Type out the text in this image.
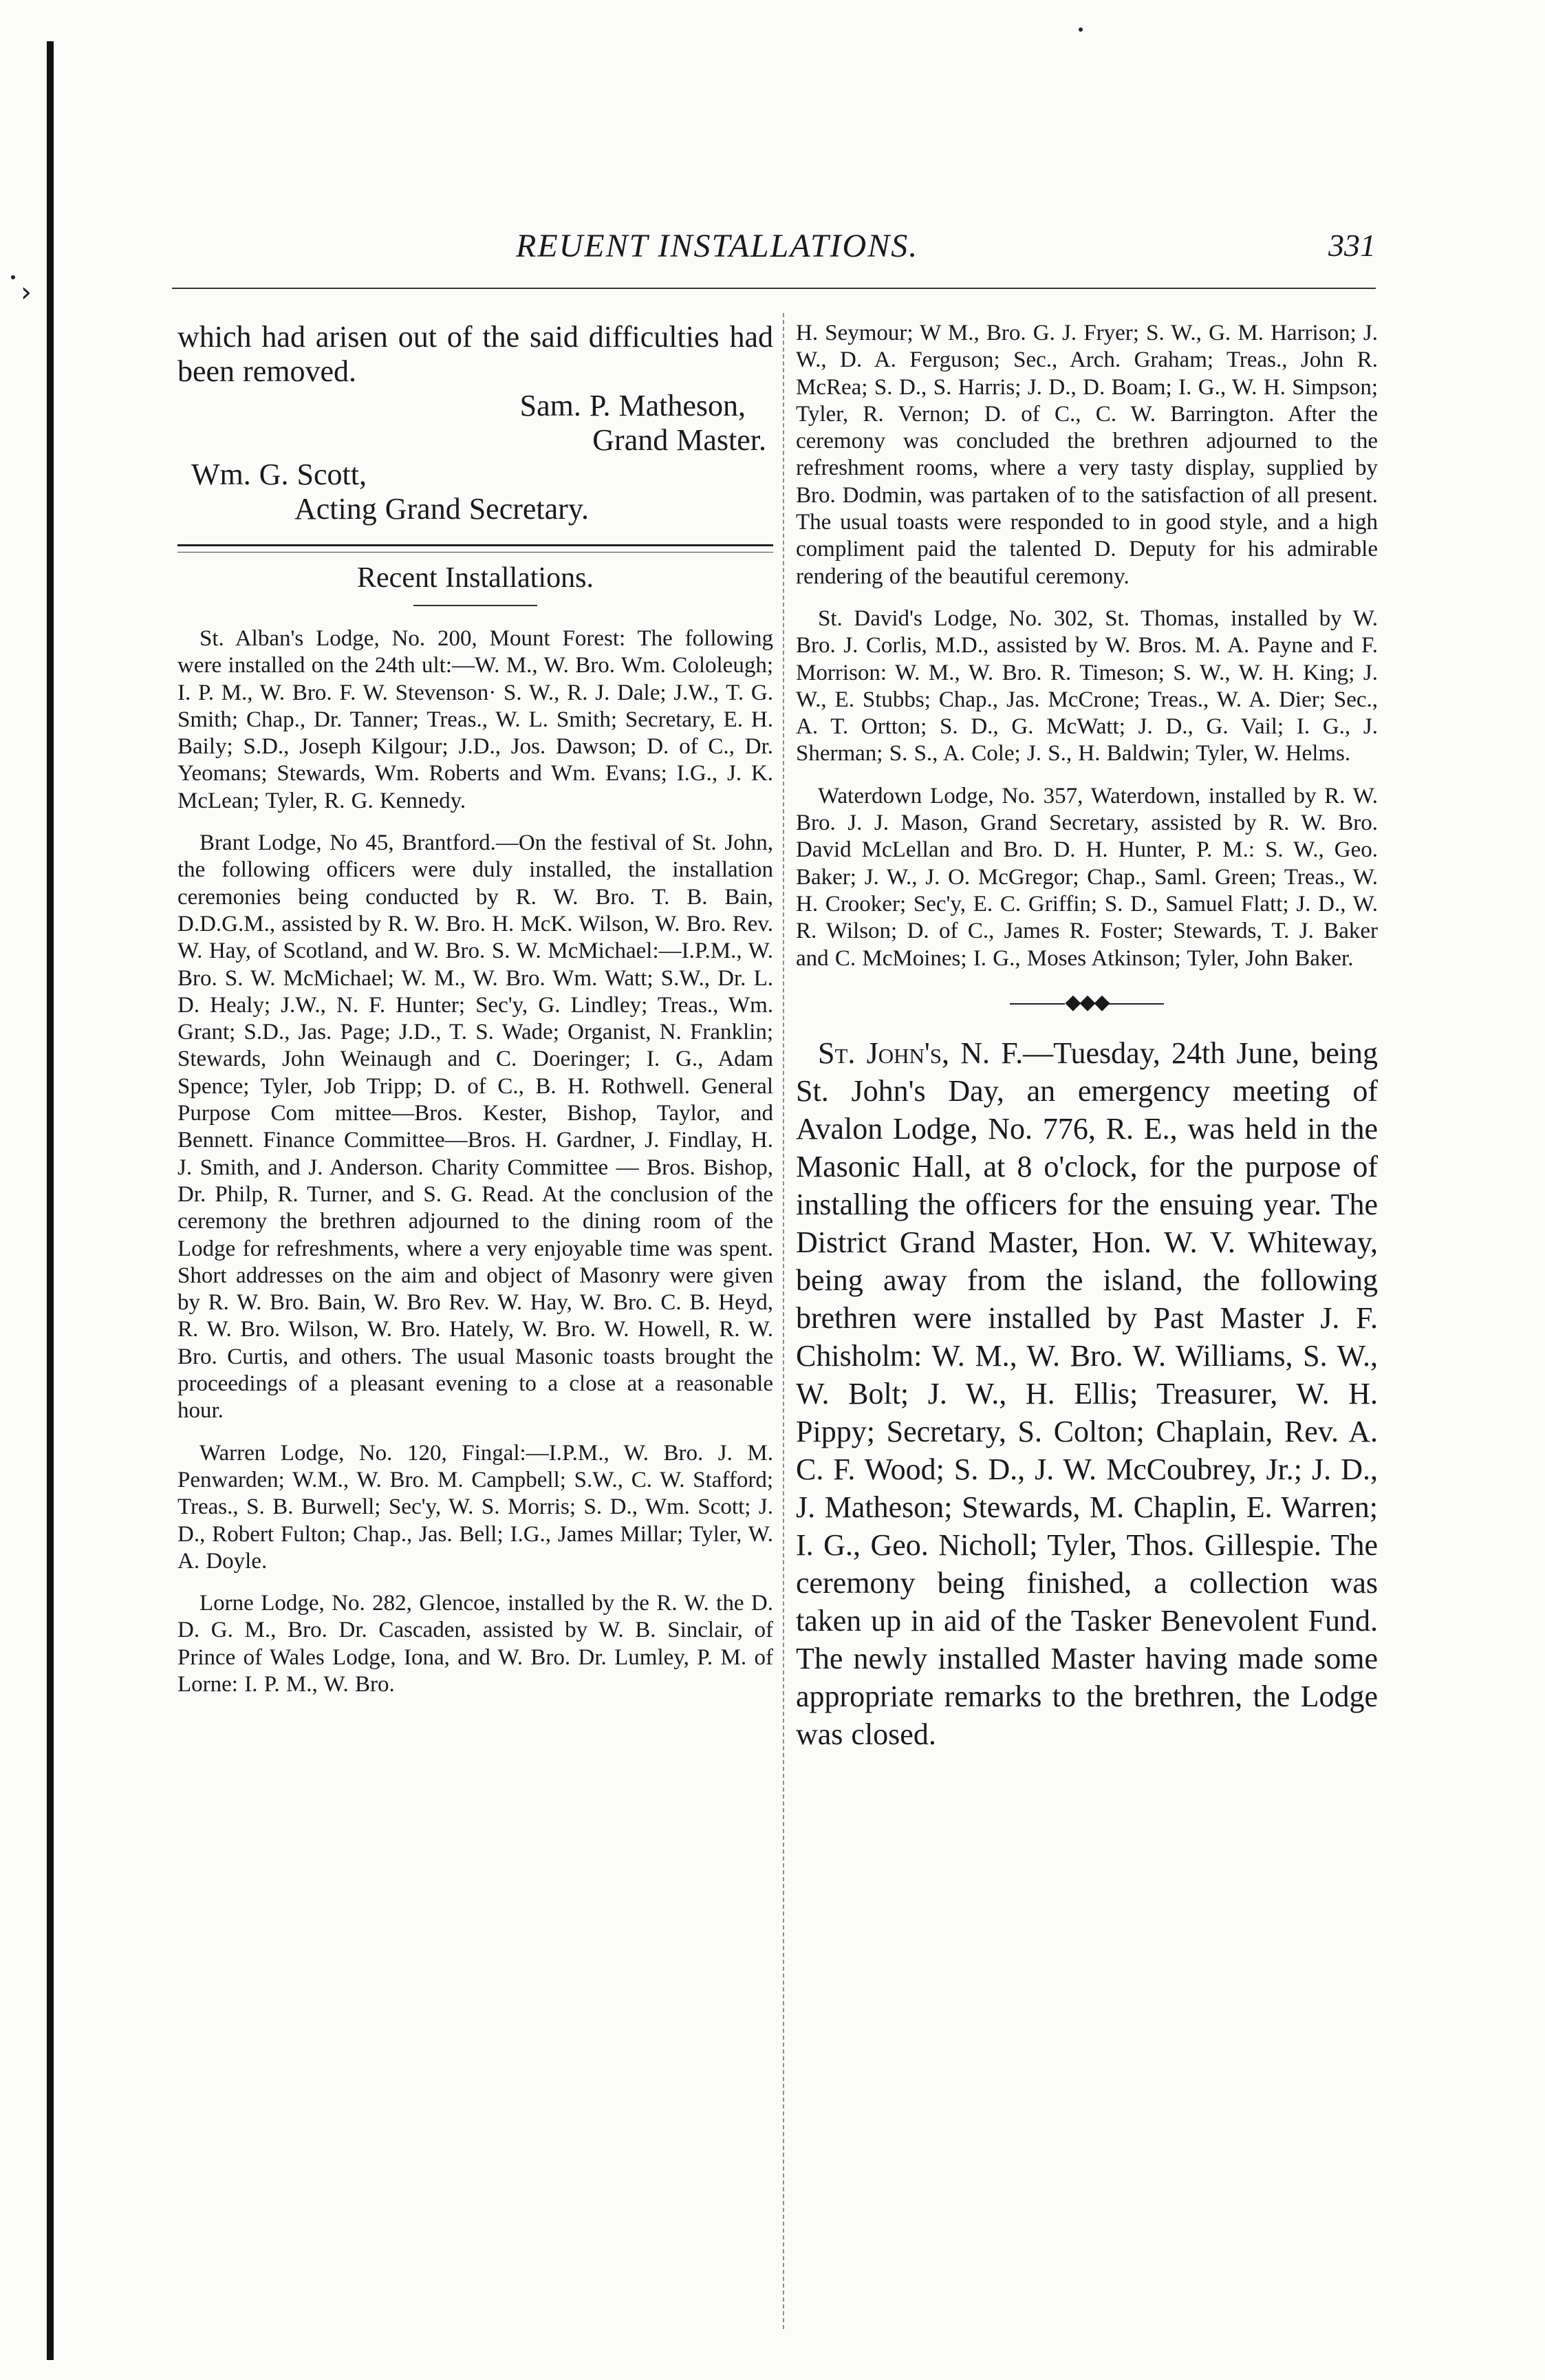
›
REUENT INSTALLATIONS.	331

which had arisen out of the said difficulties had been removed.

Sam. P. Matheson,

Grand Master.

Wm. G. Scott,

Acting Grand Secretary.

Recent Installations.

St. Alban's Lodge, No. 200, Mount Forest: The following were installed on the 24th ult:—W. M., W. Bro. Wm. Cololeugh; I. P. M., W. Bro. F. W. Stevenson· S. W., R. J. Dale; J.W., T. G. Smith; Chap., Dr. Tanner; Treas., W. L. Smith; Secretary, E. H. Baily; S.D., Joseph Kilgour; J.D., Jos. Dawson; D. of C., Dr. Yeomans; Stewards, Wm. Roberts and Wm. Evans; I.G., J. K. McLean; Tyler, R. G. Kennedy.

Brant Lodge, No 45, Brantford.—On the festival of St. John, the following officers were duly installed, the installation ceremonies being conducted by R. W. Bro. T. B. Bain, D.D.G.M., assisted by R. W. Bro. H. McK. Wilson, W. Bro. Rev. W. Hay, of Scotland, and W. Bro. S. W. McMichael:—I.P.M., W. Bro. S. W. McMichael; W. M., W. Bro. Wm. Watt; S.W., Dr. L. D. Healy; J.W., N. F. Hunter; Sec'y, G. Lindley; Treas., Wm. Grant; S.D., Jas. Page; J.D., T. S. Wade; Organist, N. Franklin; Stewards, John Weinaugh and C. Doeringer; I. G., Adam Spence; Tyler, Job Tripp; D. of C., B. H. Rothwell. General Purpose Com mittee—Bros. Kester, Bishop, Taylor, and Bennett. Finance Committee—Bros. H. Gardner, J. Findlay, H. J. Smith, and J. Anderson. Charity Committee — Bros. Bishop, Dr. Philp, R. Turner, and S. G. Read. At the conclusion of the ceremony the brethren adjourned to the dining room of the Lodge for refreshments, where a very enjoyable time was spent. Short addresses on the aim and object of Masonry were given by R. W. Bro. Bain, W. Bro Rev. W. Hay, W. Bro. C. B. Heyd, R. W. Bro. Wilson, W. Bro. Hately, W. Bro. W. Howell, R. W. Bro. Curtis, and others. The usual Masonic toasts brought the proceedings of a pleasant evening to a close at a reasonable hour.

Warren Lodge, No. 120, Fingal:—I.P.M., W. Bro. J. M. Penwarden; W.M., W. Bro. M. Campbell; S.W., C. W. Stafford; Treas., S. B. Burwell; Sec'y, W. S. Morris; S. D., Wm. Scott; J. D., Robert Fulton; Chap., Jas. Bell; I.G., James Millar; Tyler, W. A. Doyle.

Lorne Lodge, No. 282, Glencoe, installed by the R. W. the D. D. G. M., Bro. Dr. Cascaden, assisted by W. B. Sinclair, of Prince of Wales Lodge, Iona, and W. Bro. Dr. Lumley, P. M. of Lorne: I. P. M., W. Bro.

H. Seymour; W M., Bro. G. J. Fryer; S. W., G. M. Harrison; J. W., D. A. Ferguson; Sec., Arch. Graham; Treas., John R. McRea; S. D., S. Harris; J. D., D. Boam; I. G., W. H. Simpson; Tyler, R. Vernon; D. of C., C. W. Barrington. After the ceremony was concluded the brethren adjourned to the refreshment rooms, where a very tasty display, supplied by Bro. Dodmin, was partaken of to the satisfaction of all present. The usual toasts were responded to in good style, and a high compliment paid the talented D. Deputy for his admirable rendering of the beautiful ceremony.

St. David's Lodge, No. 302, St. Thomas, installed by W. Bro. J. Corlis, M.D., assisted by W. Bros. M. A. Payne and F. Morrison: W. M., W. Bro. R. Timeson; S. W., W. H. King; J. W., E. Stubbs; Chap., Jas. McCrone; Treas., W. A. Dier; Sec., A. T. Ortton; S. D., G. McWatt; J. D., G. Vail; I. G., J. Sherman; S. S., A. Cole; J. S., H. Baldwin; Tyler, W. Helms.

Waterdown Lodge, No. 357, Waterdown, installed by R. W. Bro. J. J. Mason, Grand Secretary, assisted by R. W. Bro. David McLellan and Bro. D. H. Hunter, P. M.: S. W., Geo. Baker; J. W., J. O. McGregor; Chap., Saml. Green; Treas., W. H. Crooker; Sec'y, E. C. Griffin; S. D., Samuel Flatt; J. D., W. R. Wilson; D. of C., James R. Foster; Stewards, T. J. Baker and C. McMoines; I. G., Moses Atkinson; Tyler, John Baker.

◆◆◆

St. John's, N. F.—Tuesday, 24th June, being St. John's Day, an emergency meeting of Avalon Lodge, No. 776, R. E., was held in the Masonic Hall, at 8 o'clock, for the purpose of installing the officers for the ensuing year. The District Grand Master, Hon. W. V. Whiteway, being away from the island, the following brethren were installed by Past Master J. F. Chisholm: W. M., W. Bro. W. Williams, S. W., W. Bolt; J. W., H. Ellis; Treasurer, W. H. Pippy; Secretary, S. Colton; Chaplain, Rev. A. C. F. Wood; S. D., J. W. McCoubrey, Jr.; J. D., J. Matheson; Stewards, M. Chaplin, E. Warren; I. G., Geo. Nicholl; Tyler, Thos. Gillespie. The ceremony being finished, a collection was taken up in aid of the Tasker Benevolent Fund. The newly installed Master having made some appropriate remarks to the brethren, the Lodge was closed.
